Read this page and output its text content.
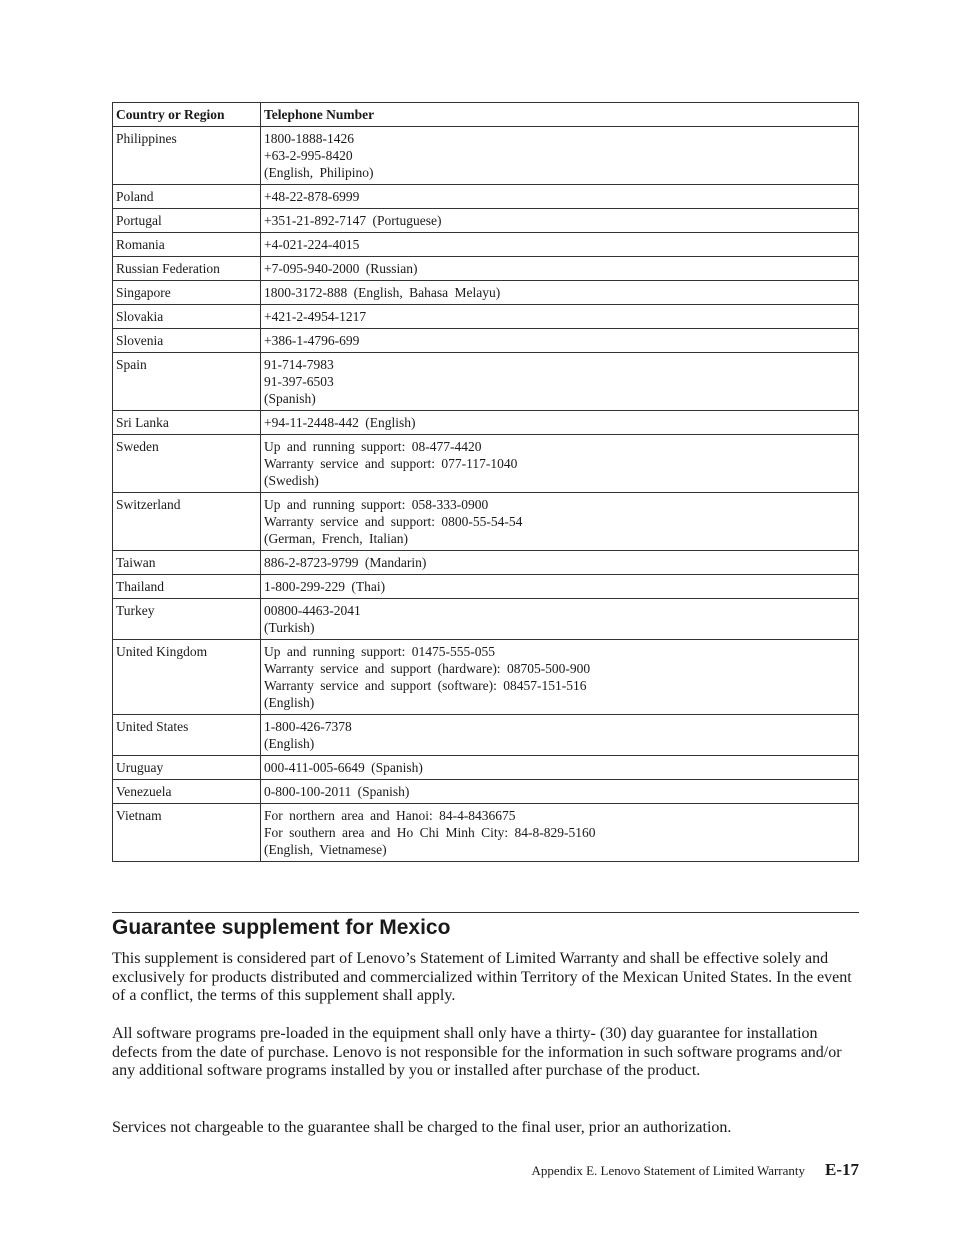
Country or Region	Telephone Number
Philippines	1800-1888-1426
+63-2-995-8420
(English, Philipino)

Poland	+48-22-878-6999

Portugal	+351-21-892-7147 (Portuguese)

Romania	+4-021-224-4015

Russian Federation	+7-095-940-2000 (Russian)

Singapore	1800-3172-888 (English, Bahasa Melayu)

Slovakia	+421-2-4954-1217

Slovenia	+386-1-4796-699

Spain	91-714-7983
91-397-6503
(Spanish)

Sri Lanka	+94-11-2448-442 (English)

Sweden	Up and running support: 08-477-4420
Warranty service and support: 077-117-1040
(Swedish)

Switzerland	Up and running support: 058-333-0900
Warranty service and support: 0800-55-54-54
(German, French, Italian)

Taiwan	886-2-8723-9799 (Mandarin)

Thailand	1-800-299-229 (Thai)

Turkey	00800-4463-2041
(Turkish)

United Kingdom	Up and running support: 01475-555-055
Warranty service and support (hardware): 08705-500-900
Warranty service and support (software): 08457-151-516
(English)

United States	1-800-426-7378
(English)

Uruguay	000-411-005-6649 (Spanish)

Venezuela	0-800-100-2011 (Spanish)

Vietnam	For northern area and Hanoi: 84-4-8436675
For southern area and Ho Chi Minh City: 84-8-829-5160
(English, Vietnamese)
Guarantee supplement for Mexico

This supplement is considered part of Lenovo’s Statement of Limited Warranty and shall be effective solely and exclusively for products distributed and commercialized within Territory of the Mexican United States. In the event of a conflict, the terms of this supplement shall apply.

All software programs pre-loaded in the equipment shall only have a thirty- (30) day guarantee for installation defects from the date of purchase. Lenovo is not responsible for the information in such software programs and/or any additional software programs installed by you or installed after purchase of the product.

Services not chargeable to the guarantee shall be charged to the final user, prior an authorization.

Appendix E. Lenovo Statement of Limited Warranty E-17
